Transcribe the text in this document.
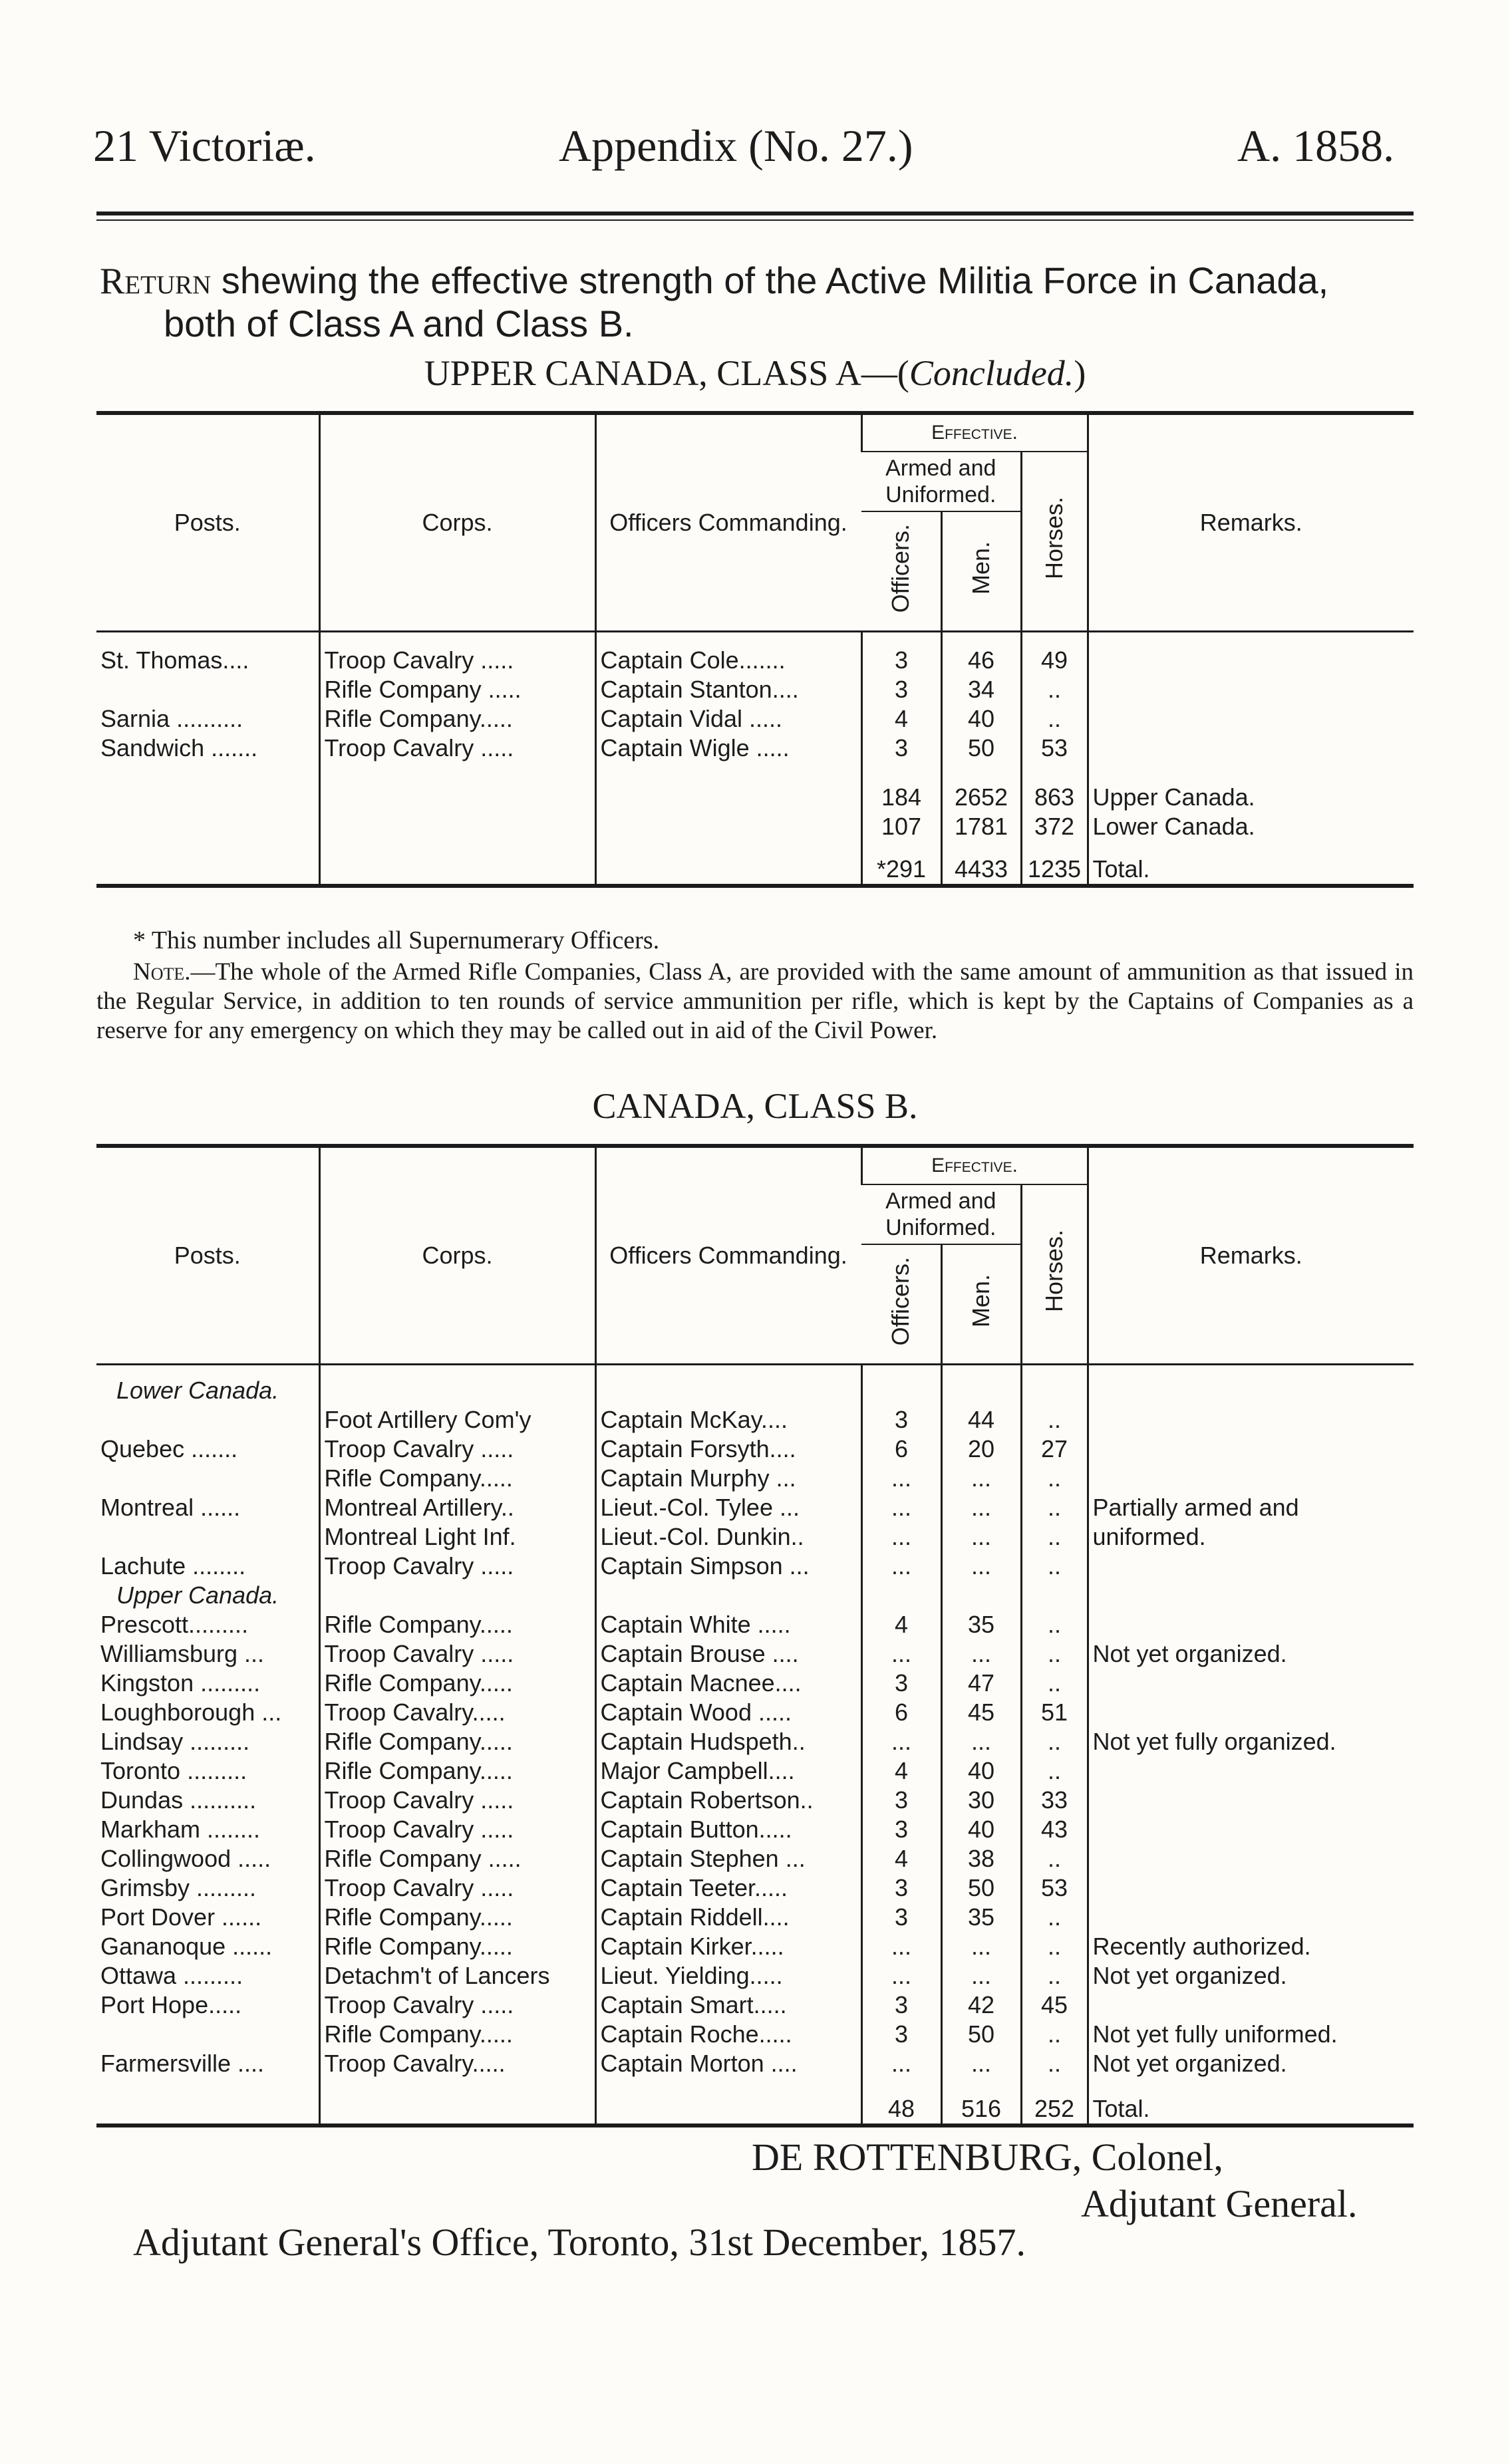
21 Victoriæ.	Appendix (No. 27.)	A. 1858.
Return shewing the effective strength of the Active Militia Force in Canada,
both of Class A and Class B.
UPPER CANADA, CLASS A—(Concluded.)
Posts.	Corps.	Officers Commanding.	Effective.			Remarks.
			Armed and Uniformed.		Horses.	
			Officers.	Men.		

St. Thomas....	Troop Cavalry .....	Captain Cole.......	3	46	49	
	Rifle Company .....	Captain Stanton....	3	34	..	
Sarnia ..........	Rifle Company.....	Captain Vidal .....	4	40	..	
Sandwich .......	Troop Cavalry .....	Captain Wigle .....	3	50	53	

			184	2652	863	Upper Canada.
			107	1781	372	Lower Canada.

			*291	4433	1235	Total.
* This number includes all Supernumerary Officers.
Note.—The whole of the Armed Rifle Companies, Class A, are provided with the same amount of ammunition as that issued in the Regular Service, in addition to ten rounds of service ammunition per rifle, which is kept by the Captains of Companies as a reserve for any emergency on which they may be called out in aid of the Civil Power.
CANADA, CLASS B.
Posts.	Corps.	Officers Commanding.	Effective.			Remarks.
			Armed and Uniformed.		Horses.	
			Officers.	Men.		

Lower Canada.						
	Foot Artillery Com'y	Captain McKay....	3	44	..	
Quebec .......	Troop Cavalry .....	Captain Forsyth....	6	20	27	
	Rifle Company.....	Captain Murphy ...	...	...	..	
Montreal ......	Montreal Artillery..	Lieut.-Col. Tylee ...	...	...	..	Partially armed and
	Montreal Light Inf.	Lieut.-Col. Dunkin..	...	...	..	uniformed.
Lachute ........	Troop Cavalry .....	Captain Simpson ...	...	...	..	
Upper Canada.						
Prescott.........	Rifle Company.....	Captain White .....	4	35	..	
Williamsburg ...	Troop Cavalry .....	Captain Brouse ....	...	...	..	Not yet organized.
Kingston .........	Rifle Company.....	Captain Macnee....	3	47	..	
Loughborough ...	Troop Cavalry.....	Captain Wood .....	6	45	51	
Lindsay .........	Rifle Company.....	Captain Hudspeth..	...	...	..	Not yet fully organized.
Toronto .........	Rifle Company.....	Major Campbell....	4	40	..	
Dundas ..........	Troop Cavalry .....	Captain Robertson..	3	30	33	
Markham ........	Troop Cavalry .....	Captain Button.....	3	40	43	
Collingwood .....	Rifle Company .....	Captain Stephen ...	4	38	..	
Grimsby .........	Troop Cavalry .....	Captain Teeter.....	3	50	53	
Port Dover ......	Rifle Company.....	Captain Riddell....	3	35	..	
Gananoque ......	Rifle Company.....	Captain Kirker.....	...	...	..	Recently authorized.
Ottawa .........	Detachm't of Lancers	Lieut. Yielding.....	...	...	..	Not yet organized.
Port Hope.....	Troop Cavalry .....	Captain Smart.....	3	42	45	
	Rifle Company.....	Captain Roche.....	3	50	..	Not yet fully uniformed.
Farmersville ....	Troop Cavalry.....	Captain Morton ....	...	...	..	Not yet organized.

			48	516	252	Total.
DE ROTTENBURG, Colonel,
Adjutant General.
Adjutant General's Office, Toronto, 31st December, 1857.
